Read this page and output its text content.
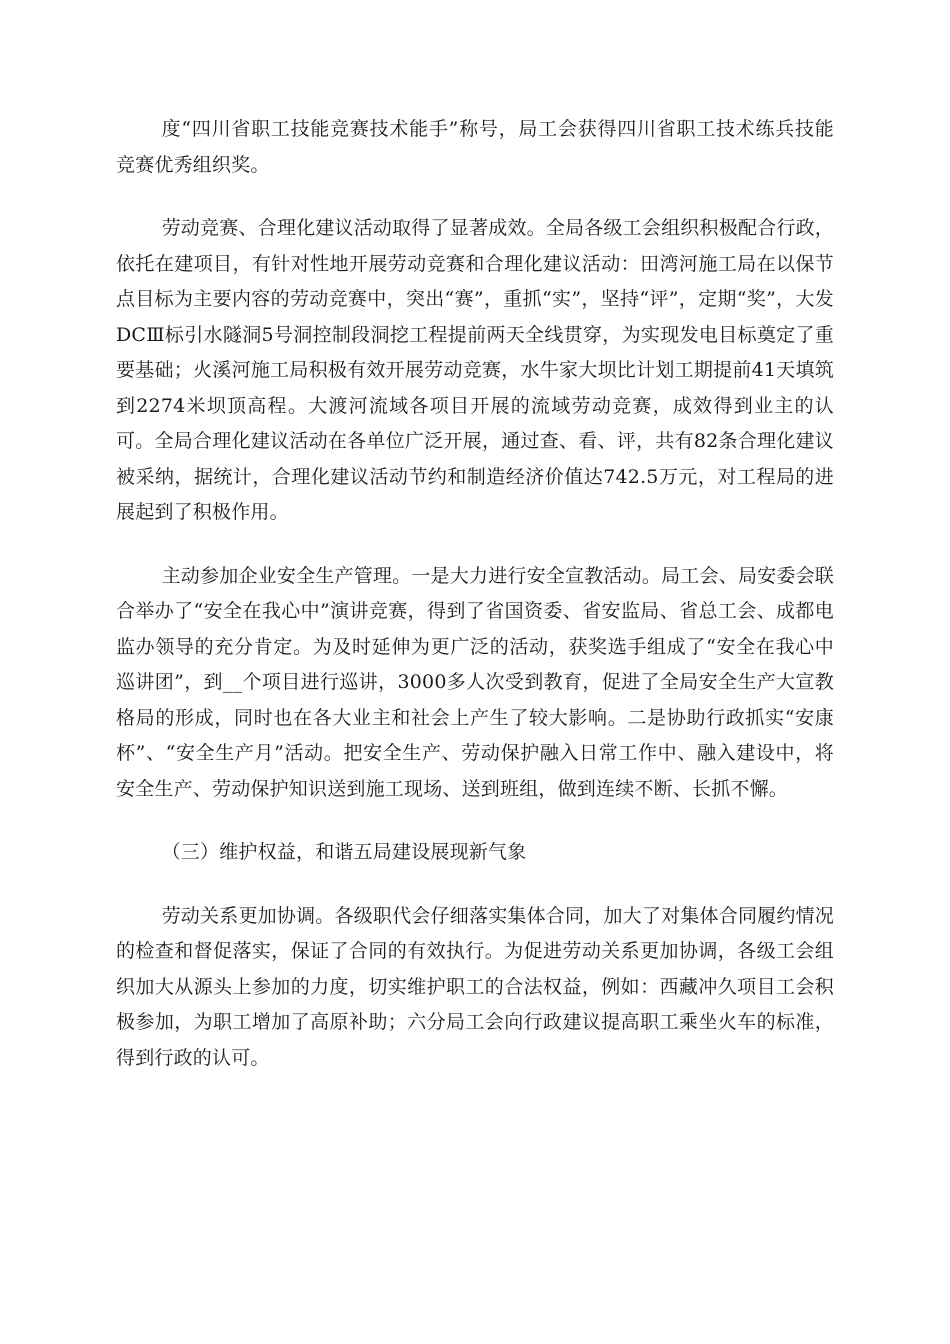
度“四川省职工技能竞赛技术能手”称号，局工会获得四川省职工技术练兵技能竞赛优秀组织奖。

劳动竞赛、合理化建议活动取得了显著成效。全局各级工会组织积极配合行政，依托在建项目，有针对性地开展劳动竞赛和合理化建议活动：田湾河施工局在以保节点目标为主要内容的劳动竞赛中，突出“赛”，重抓“实”，坚持“评”，定期“奖”，大发DCⅢ标引水隧洞5号洞控制段洞挖工程提前两天全线贯穿，为实现发电目标奠定了重要基础；火溪河施工局积极有效开展劳动竞赛，水牛家大坝比计划工期提前41天填筑到2274米坝顶高程。大渡河流域各项目开展的流域劳动竞赛，成效得到业主的认可。全局合理化建议活动在各单位广泛开展，通过查、看、评，共有82条合理化建议被采纳，据统计，合理化建议活动节约和制造经济价值达742.5万元，对工程局的进展起到了积极作用。

主动参加企业安全生产管理。一是大力进行安全宣教活动。局工会、局安委会联合举办了“安全在我心中”演讲竞赛，得到了省国资委、省安监局、省总工会、成都电监办领导的充分肯定。为及时延伸为更广泛的活动，获奖选手组成了“安全在我心中巡讲团”，到__个项目进行巡讲，3000多人次受到教育，促进了全局安全生产大宣教格局的形成，同时也在各大业主和社会上产生了较大影响。二是协助行政抓实“安康杯”、“安全生产月”活动。把安全生产、劳动保护融入日常工作中、融入建设中，将安全生产、劳动保护知识送到施工现场、送到班组，做到连续不断、长抓不懈。

（三）维护权益，和谐五局建设展现新气象

劳动关系更加协调。各级职代会仔细落实集体合同，加大了对集体合同履约情况的检查和督促落实，保证了合同的有效执行。为促进劳动关系更加协调，各级工会组织加大从源头上参加的力度，切实维护职工的合法权益，例如：西藏冲久项目工会积极参加，为职工增加了高原补助；六分局工会向行政建议提高职工乘坐火车的标准，得到行政的认可。
